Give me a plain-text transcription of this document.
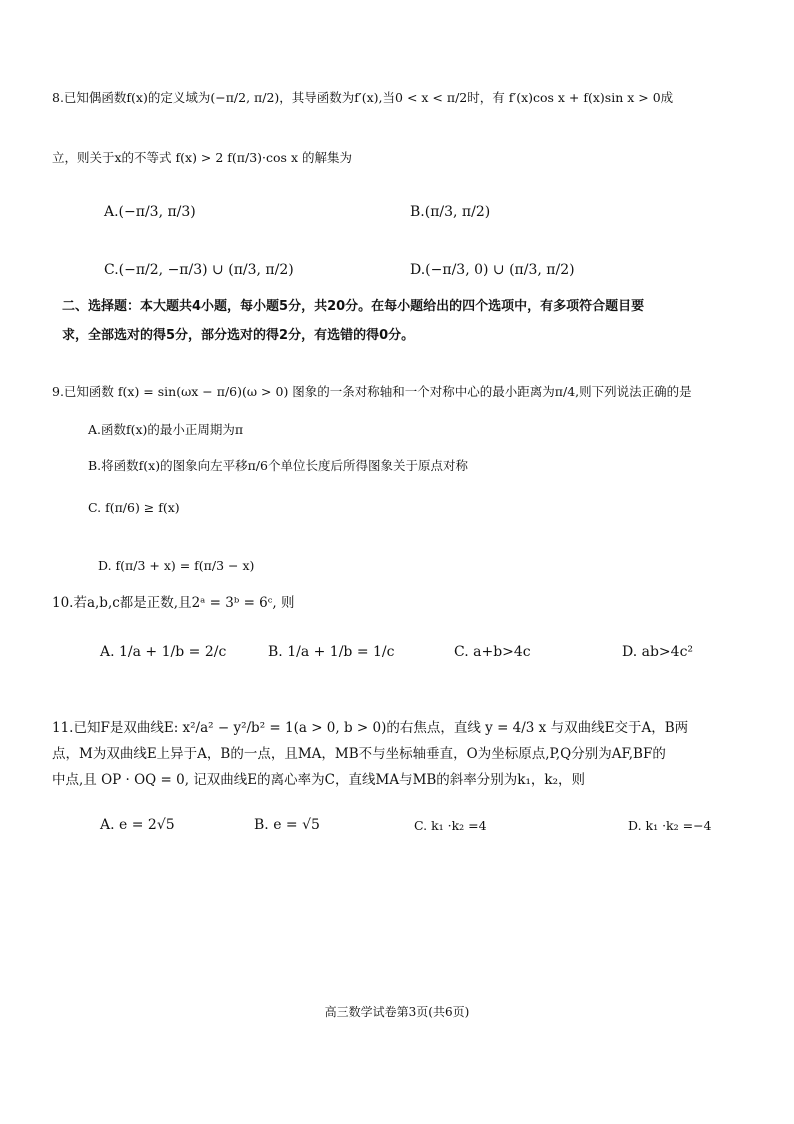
8.已知偶函数f(x)的定义域为(−π/2, π/2)，其导函数为f′(x),当0 < x < π/2时，有 f′(x)cos x + f(x)sin x > 0成
立，则关于x的不等式 f(x) > 2 f(π/3)·cos x 的解集为
A.(−π/3, π/3)	B.(π/3, π/2)
C.(−π/2, −π/3) ∪ (π/3, π/2)	D.(−π/3, 0) ∪ (π/3, π/2)
二、选择题：本大题共4小题，每小题5分，共20分。在每小题给出的四个选项中，有多项符合题目要
求，全部选对的得5分，部分选对的得2分，有选错的得0分。
9.已知函数 f(x) = sin(ωx − π/6)(ω > 0) 图象的一条对称轴和一个对称中心的最小距离为π/4,则下列说法正确的是
A.函数f(x)的最小正周期为π
B.将函数f(x)的图象向左平移π/6个单位长度后所得图象关于原点对称
C. f(π/6) ≥ f(x)
D. f(π/3 + x) = f(π/3 − x)
10.若a,b,c都是正数,且2ᵃ = 3ᵇ = 6ᶜ, 则
A. 1/a + 1/b = 2/c	B. 1/a + 1/b = 1/c	C. a+b>4c	D. ab>4c²
11.已知F是双曲线E: x²/a² − y²/b² = 1(a > 0, b > 0)的右焦点，直线 y = 4/3 x 与双曲线E交于A，B两
点，M为双曲线E上异于A，B的一点，且MA，MB不与坐标轴垂直，O为坐标原点,P,Q分别为AF,BF的
中点,且 OP · OQ = 0, 记双曲线E的离心率为C，直线MA与MB的斜率分别为k₁，k₂，则
A. e = 2√5	B. e = √5	C. k₁ ·k₂ =4	D. k₁ ·k₂ =−4
高三数学试卷第3页(共6页)
